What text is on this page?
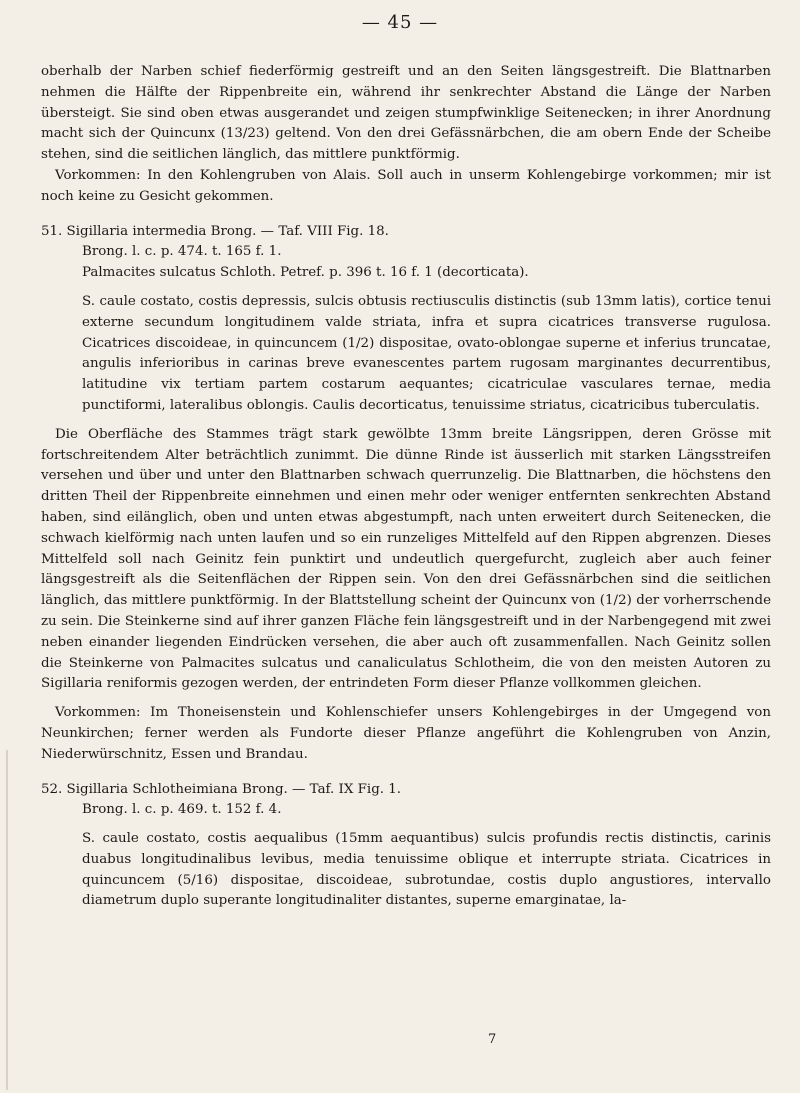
— 45 —

oberhalb der Narben schief fiederförmig gestreift und an den Seiten längsgestreift. Die Blattnarben nehmen die Hälfte der Rippenbreite ein, während ihr senkrechter Abstand die Länge der Narben übersteigt. Sie sind oben etwas ausgerandet und zeigen stumpfwinklige Seitenecken; in ihrer Anordnung macht sich der Quincunx (13/23) geltend. Von den drei Gefässnärbchen, die am obern Ende der Scheibe stehen, sind die seitlichen länglich, das mittlere punktförmig.

Vorkommen: In den Kohlengruben von Alais. Soll auch in unserm Kohlengebirge vorkommen; mir ist noch keine zu Gesicht gekommen.

51. Sigillaria intermedia Brong. — Taf. VIII Fig. 18.

Brong. l. c. p. 474. t. 165 f. 1.

Palmacites sulcatus Schloth. Petref. p. 396 t. 16 f. 1 (decorticata).

S. caule costato, costis depressis, sulcis obtusis rectiusculis distinctis (sub 13mm latis), cortice tenui externe secundum longitudinem valde striata, infra et supra cicatrices transverse rugulosa. Cicatrices discoideae, in quincuncem (1/2) dispositae, ovato-oblongae superne et inferius truncatae, angulis inferioribus in carinas breve evanescentes partem rugosam marginantes decurrentibus, latitudine vix tertiam partem costarum aequantes; cicatriculae vasculares ternae, media punctiformi, lateralibus oblongis. Caulis decorticatus, tenuissime striatus, cicatricibus tuberculatis.

Die Oberfläche des Stammes trägt stark gewölbte 13mm breite Längsrippen, deren Grösse mit fortschreitendem Alter beträchtlich zunimmt. Die dünne Rinde ist äusserlich mit starken Längsstreifen versehen und über und unter den Blattnarben schwach querrunzelig. Die Blattnarben, die höchstens den dritten Theil der Rippenbreite einnehmen und einen mehr oder weniger entfernten senkrechten Abstand haben, sind eilänglich, oben und unten etwas abgestumpft, nach unten erweitert durch Seitenecken, die schwach kielförmig nach unten laufen und so ein runzeliges Mittelfeld auf den Rippen abgrenzen. Dieses Mittelfeld soll nach Geinitz fein punktirt und undeutlich quergefurcht, zugleich aber auch feiner längsgestreift als die Seitenflächen der Rippen sein. Von den drei Gefässnärbchen sind die seitlichen länglich, das mittlere punktförmig. In der Blattstellung scheint der Quincunx von (1/2) der vorherrschende zu sein. Die Steinkerne sind auf ihrer ganzen Fläche fein längsgestreift und in der Narbengegend mit zwei neben einander liegenden Eindrücken versehen, die aber auch oft zusammenfallen. Nach Geinitz sollen die Steinkerne von Palmacites sulcatus und canaliculatus Schlotheim, die von den meisten Autoren zu Sigillaria reniformis gezogen werden, der entrindeten Form dieser Pflanze vollkommen gleichen.

Vorkommen: Im Thoneisenstein und Kohlenschiefer unsers Kohlengebirges in der Umgegend von Neunkirchen; ferner werden als Fundorte dieser Pflanze angeführt die Kohlengruben von Anzin, Niederwürschnitz, Essen und Brandau.

52. Sigillaria Schlotheimiana Brong. — Taf. IX Fig. 1.

Brong. l. c. p. 469. t. 152 f. 4.

S. caule costato, costis aequalibus (15mm aequantibus) sulcis profundis rectis distinctis, carinis duabus longitudinalibus levibus, media tenuissime oblique et interrupte striata. Cicatrices in quincuncem (5/16) dispositae, discoideae, subrotundae, costis duplo angustiores, intervallo diametrum duplo superante longitudinaliter distantes, superne emarginatae, la-

7
